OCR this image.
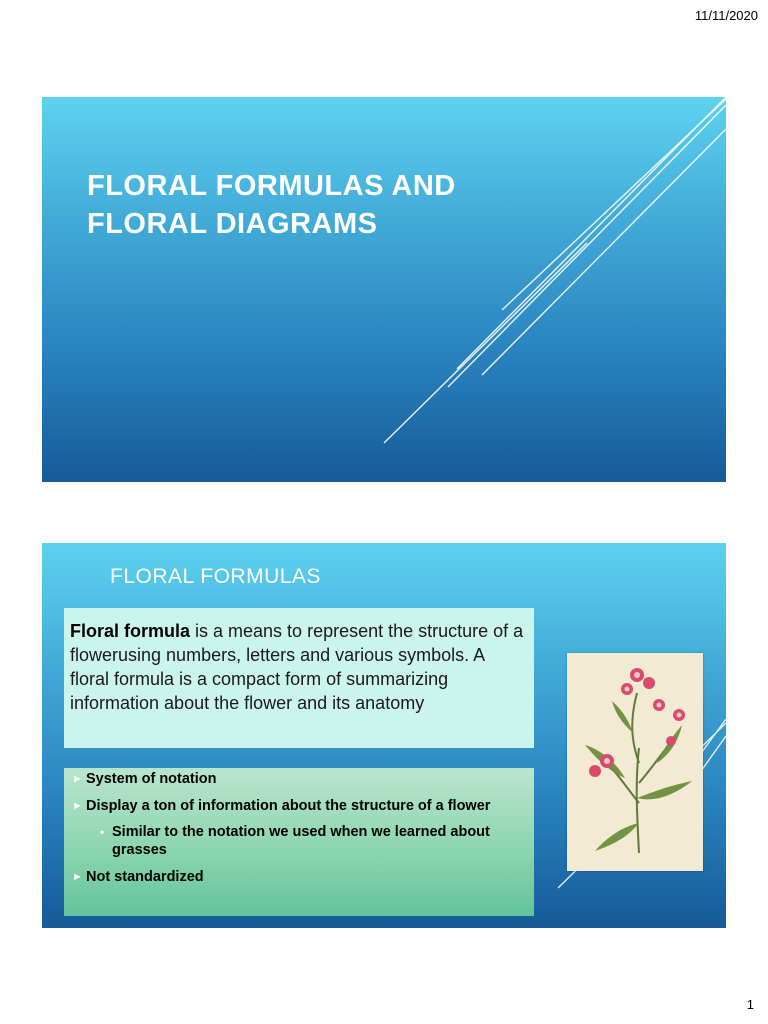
11/11/2020
FLORAL FORMULAS AND FLORAL DIAGRAMS
FLORAL FORMULAS
Floral formula is a means to represent the structure of a flowerusing numbers, letters and various symbols. A floral formula is a compact form of summarizing information about the flower and its anatomy
► System of notation
► Display a ton of information about the structure of a flower
• Similar to the notation we used when we learned about grasses
► Not standardized
1
